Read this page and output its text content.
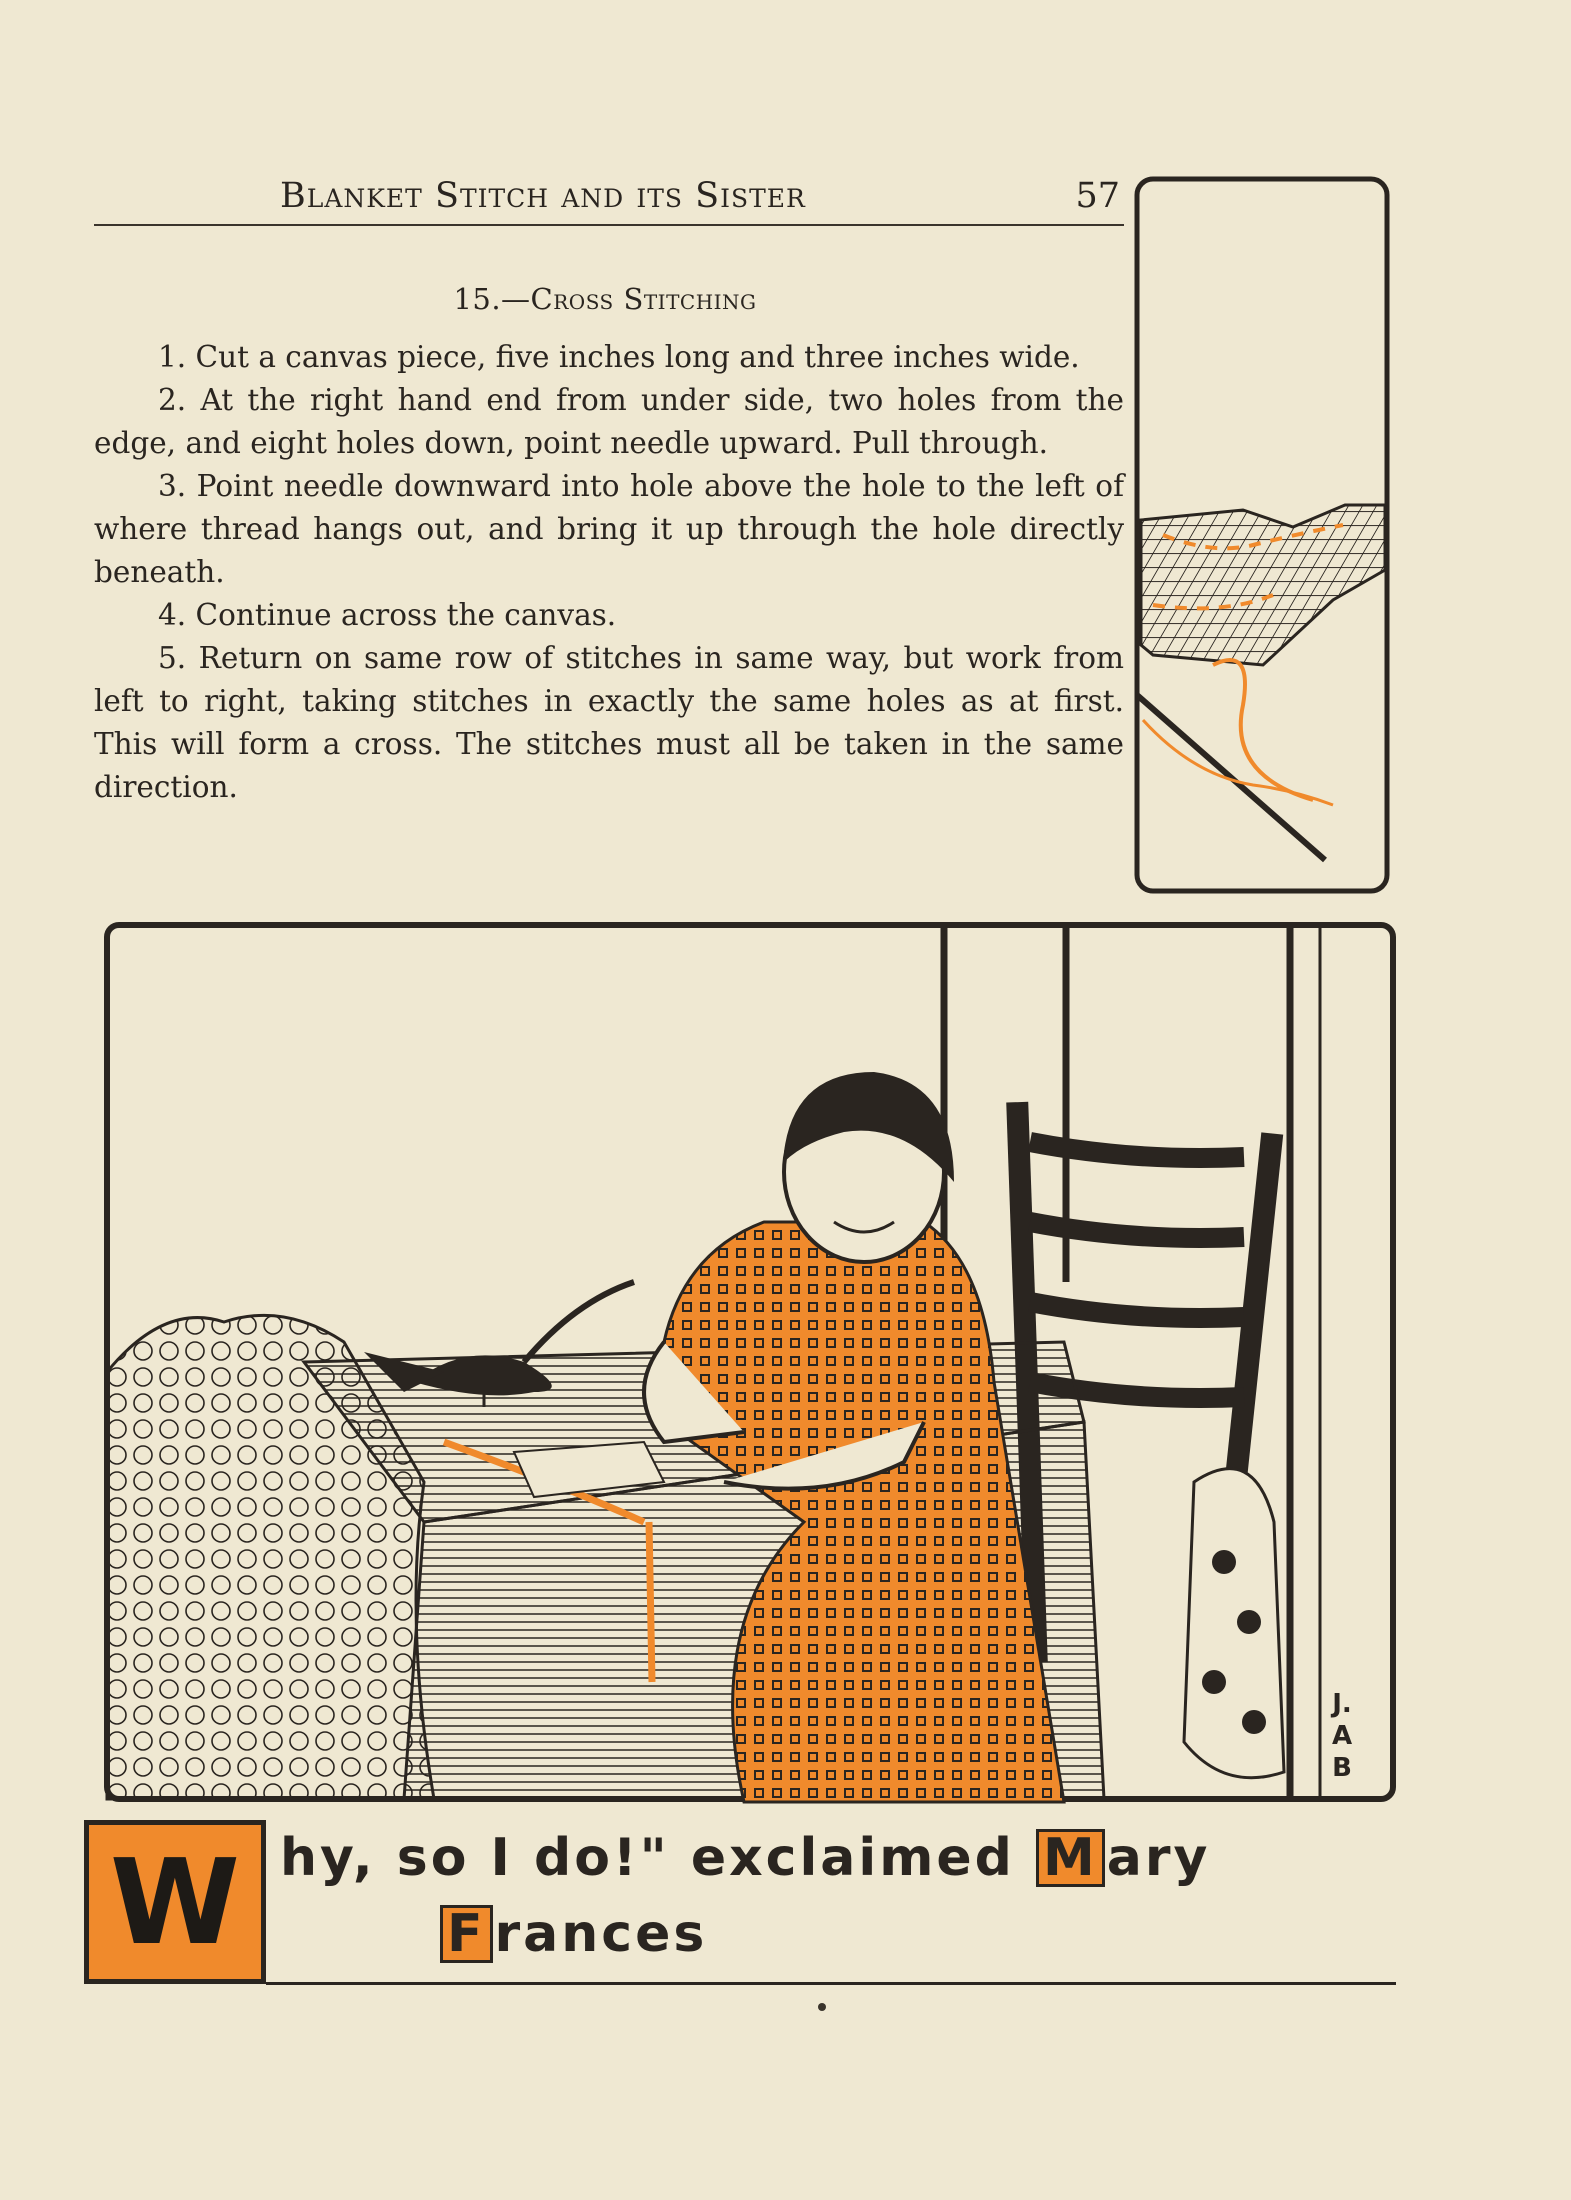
Blanket Stitch and its Sister	57
15.—Cross Stitching

1. Cut a canvas piece, five inches long and three inches wide.

2. At the right hand end from under side, two holes from the edge, and eight holes down, point needle upward. Pull through.

3. Point needle downward into hole above the hole to the left of where thread hangs out, and bring it up through the hole directly beneath.

4. Continue across the canvas.

5. Return on same row of stitches in same way, but work from left to right, taking stitches in exactly the same holes as at first. This will form a cross. The stitches must all be taken in the same direction.

J.
A
B
W hy, so I do!" exclaimed M ary
F rances
